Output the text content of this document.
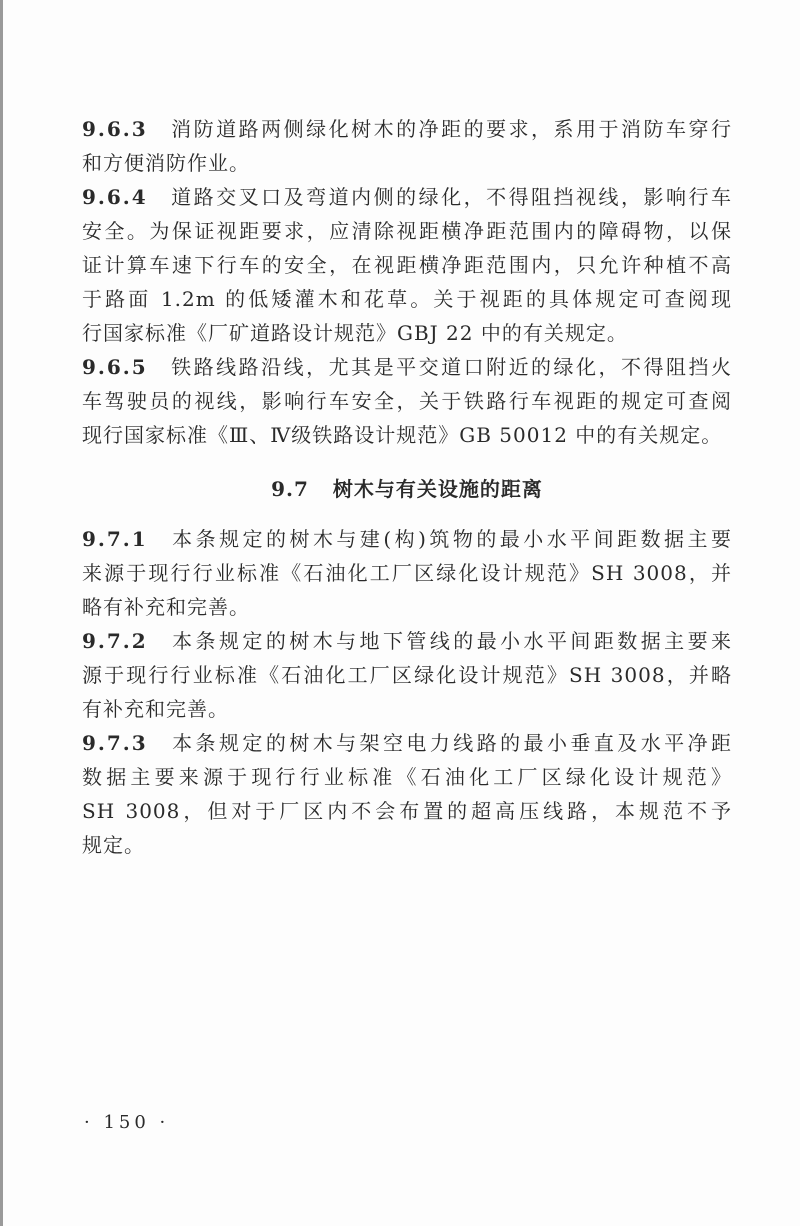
9.6.3 消防道路两侧绿化树木的净距的要求，系用于消防车穿行
和方便消防作业。
9.6.4 道路交叉口及弯道内侧的绿化，不得阻挡视线，影响行车
安全。为保证视距要求，应清除视距横净距范围内的障碍物，以保
证计算车速下行车的安全，在视距横净距范围内，只允许种植不高
于路面 1.2m 的低矮灌木和花草。关于视距的具体规定可查阅现
行国家标准《厂矿道路设计规范》GBJ 22 中的有关规定。
9.6.5 铁路线路沿线，尤其是平交道口附近的绿化，不得阻挡火
车驾驶员的视线，影响行车安全，关于铁路行车视距的规定可查阅
现行国家标准《Ⅲ、Ⅳ级铁路设计规范》GB 50012 中的有关规定。
9.7 树木与有关设施的距离
9.7.1 本条规定的树木与建(构)筑物的最小水平间距数据主要
来源于现行行业标准《石油化工厂区绿化设计规范》SH 3008，并
略有补充和完善。
9.7.2 本条规定的树木与地下管线的最小水平间距数据主要来
源于现行行业标准《石油化工厂区绿化设计规范》SH 3008，并略
有补充和完善。
9.7.3 本条规定的树木与架空电力线路的最小垂直及水平净距
数据主要来源于现行行业标准《石油化工厂区绿化设计规范》
SH 3008，但对于厂区内不会布置的超高压线路，本规范不予
规定。
· 150 ·
